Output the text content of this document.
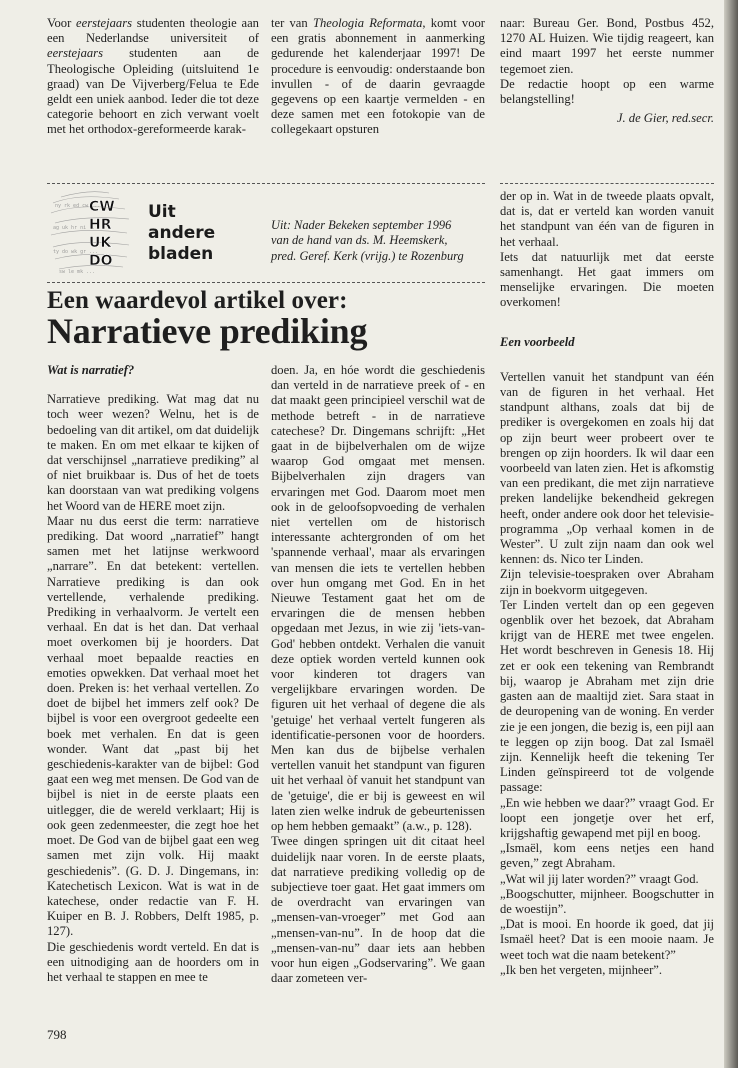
Voor eerstejaars studenten theologie aan een Nederlandse universiteit of eerstejaars studenten aan de Theologische Opleiding (uitsluitend 1e graad) van De Vijverberg/Felua te Ede geldt een uniek aanbod. Ieder die tot deze categorie behoort en zich verwant voelt met het orthodox-gereformeerde karak-

ter van Theologia Reformata, komt voor een gratis abonnement in aanmerking gedurende het kalenderjaar 1997! De procedure is eenvoudig: onderstaande bon invullen - of de daarin gevraagde gegevens op een kaartje vermelden - en deze samen met een fotokopie van de collegekaart opsturen

naar: Bureau Ger. Bond, Postbus 452, 1270 AL Huizen. Wie tijdig reageert, kan eind maart 1997 het eerste nummer tegemoet zien.

De redactie hoopt op een warme belangstelling!

J. de Gier, red.secr.

ny rk ed cw ...
ag uk hr ni ...
ty do wk gr ...
sw le mk ...
CW
HR
UK
DO
Uit
andere
bladen
Uit: Nader Bekeken september 1996
van de hand van ds. M. Heemskerk,
pred. Geref. Kerk (vrijg.) te Rozenburg
Een waardevol artikel over:
Narratieve prediking

Wat is narratief?

Narratieve prediking. Wat mag dat nu toch weer wezen? Welnu, het is de bedoeling van dit artikel, om dat duidelijk te maken. En om met elkaar te kijken of dat verschijnsel „narratieve prediking” al of niet bruikbaar is. Dus of het de toets kan doorstaan van wat prediking volgens het Woord van de HERE moet zijn.

Maar nu dus eerst die term: narratieve prediking. Dat woord „narratief” hangt samen met het latijnse werkwoord „narrare”. En dat betekent: vertellen. Narratieve prediking is dan ook vertellende, verhalende prediking. Prediking in verhaalvorm. Je vertelt een verhaal. En dat is het dan. Dat verhaal moet overkomen bij je hoorders. Dat verhaal moet bepaalde reacties en emoties opwekken. Dat verhaal moet het doen. Preken is: het verhaal vertellen. Zo doet de bijbel het immers zelf ook? De bijbel is voor een overgroot gedeelte een boek met verhalen. En dat is geen wonder. Want dat „past bij het geschiedenis-karakter van de bijbel: God gaat een weg met mensen. De God van de bijbel is niet in de eerste plaats een uitlegger, die de wereld verklaart; Hij is ook geen zedenmeester, die zegt hoe het moet. De God van de bijbel gaat een weg samen met zijn volk. Hij maakt geschiedenis”. (G. D. J. Dingemans, in: Katechetisch Lexicon. Wat is wat in de katechese, onder redactie van F. H. Kuiper en B. J. Robbers, Delft 1985, p. 127).

Die geschiedenis wordt verteld. En dat is een uitnodiging aan de hoorders om in het verhaal te stappen en mee te

doen. Ja, en hóe wordt die geschiedenis dan verteld in de narratieve preek of - en dat maakt geen principieel verschil wat de methode betreft - in de narratieve catechese? Dr. Dingemans schrijft: „Het gaat in de bijbelverhalen om de wijze waarop God omgaat met mensen. Bijbelverhalen zijn dragers van ervaringen met God. Daarom moet men ook in de geloofsopvoeding de verhalen niet vertellen om de historisch interessante achtergronden of om het 'spannende verhaal', maar als ervaringen van mensen die iets te vertellen hebben over hun omgang met God. En in het Nieuwe Testament gaat het om de ervaringen die de mensen hebben opgedaan met Jezus, in wie zij 'iets-van-God' hebben ontdekt. Verhalen die vanuit deze optiek worden verteld kunnen ook voor kinderen tot dragers van vergelijkbare ervaringen worden. De figuren uit het verhaal of degene die als 'getuige' het verhaal vertelt fungeren als identificatie-personen voor de hoorders. Men kan dus de bijbelse verhalen vertellen vanuit het standpunt van figuren uit het verhaal òf vanuit het standpunt van de 'getuige', die er bij is geweest en wil laten zien welke indruk de gebeurtenissen op hem hebben gemaakt” (a.w., p. 128).

Twee dingen springen uit dit citaat heel duidelijk naar voren. In de eerste plaats, dat narratieve prediking volledig op de subjectieve toer gaat. Het gaat immers om de overdracht van ervaringen van „mensen-van-vroeger” met God aan „mensen-van-nu”. In de hoop dat die „mensen-van-nu” daar iets aan hebben voor hun eigen „Godservaring”. We gaan daar zometeen ver-

der op in. Wat in de tweede plaats opvalt, dat is, dat er verteld kan worden vanuit het standpunt van één van de figuren in het verhaal.

Iets dat natuurlijk met dat eerste samenhangt. Het gaat immers om menselijke ervaringen. Die moeten overkomen!

Een voorbeeld

Vertellen vanuit het standpunt van één van de figuren in het verhaal. Het standpunt althans, zoals dat bij de prediker is overgekomen en zoals hij dat op zijn beurt weer probeert over te brengen op zijn hoorders. Ik wil daar een voorbeeld van laten zien. Het is afkomstig van een predikant, die met zijn narratieve preken landelijke bekendheid gekregen heeft, onder andere ook door het televisie-programma „Op verhaal komen in de Wester”. U zult zijn naam dan ook wel kennen: ds. Nico ter Linden.

Zijn televisie-toespraken over Abraham zijn in boekvorm uitgegeven.

Ter Linden vertelt dan op een gegeven ogenblik over het bezoek, dat Abraham krijgt van de HERE met twee engelen. Het wordt beschreven in Genesis 18. Hij zet er ook een tekening van Rembrandt bij, waarop je Abraham met zijn drie gasten aan de maaltijd ziet. Sara staat in de deuropening van de woning. En verder zie je een jongen, die bezig is, een pijl aan te leggen op zijn boog. Dat zal Ismaël zijn. Kennelijk heeft die tekening Ter Linden geïnspireerd tot de volgende passage:

„En wie hebben we daar?” vraagt God. Er loopt een jongetje over het erf, krijgshaftig gewapend met pijl en boog.

„Ismaël, kom eens netjes een hand geven,” zegt Abraham.

„Wat wil jij later worden?” vraagt God.

„Boogschutter, mijnheer. Boogschutter in de woestijn”.

„Dat is mooi. En hoorde ik goed, dat jij Ismaël heet? Dat is een mooie naam. Je weet toch wat die naam betekent?”

„Ik ben het vergeten, mijnheer”.

798
